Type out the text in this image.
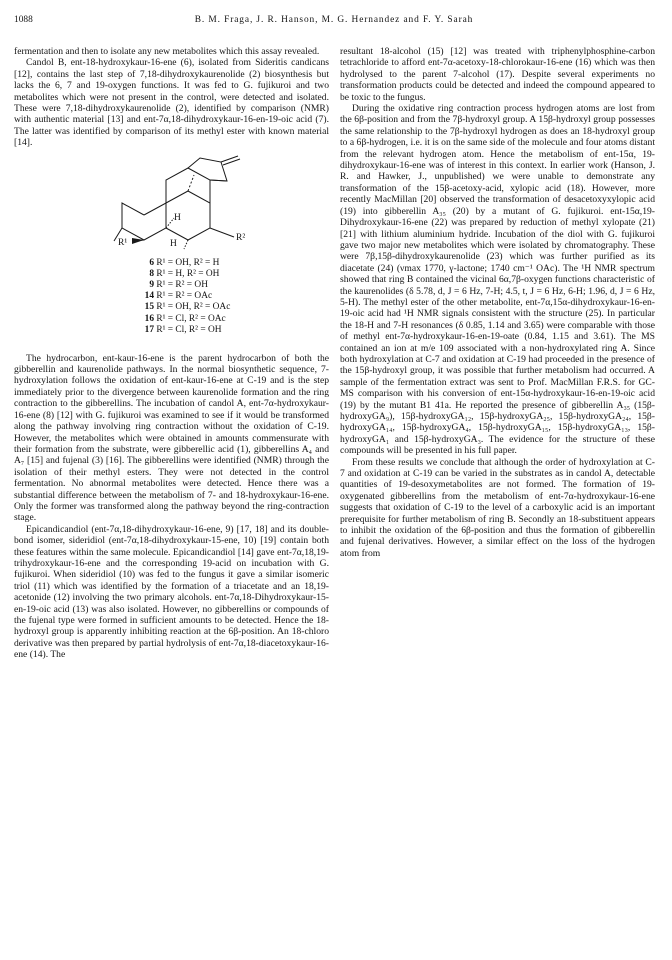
1088	B. M. Fraga, J. R. Hanson, M. G. Hernandez and F. Y. Sarah

fermentation and then to isolate any new metabolites which this assay revealed.

Candol B, ent-18-hydroxykaur-16-ene (6), isolated from Sideritis candicans [12], contains the last step of 7,18-dihydroxykaurenolide (2) biosynthesis but lacks the 6, 7 and 19-oxygen functions. It was fed to G. fujikuroi and two metabolites which were not present in the control, were detected and isolated. These were 7,18-dihydroxykaurenolide (2), identified by comparison (NMR) with authentic material [13] and ent-7α,18-dihydroxykaur-16-en-19-oic acid (7). The latter was identified by comparison of its methyl ester with known material [14].

H
H
R¹	R²
6 R¹ = OH, R² = H
8 R¹ = H, R² = OH
9 R¹ = R² = OH
14 R¹ = R² = OAc
15 R¹ = OH, R² = OAc
16 R¹ = Cl, R² = OAc
17 R¹ = Cl, R² = OH

The hydrocarbon, ent-kaur-16-ene is the parent hydrocarbon of both the gibberellin and kaurenolide pathways. In the normal biosynthetic sequence, 7-hydroxylation follows the oxidation of ent-kaur-16-ene at C-19 and is the step immediately prior to the divergence between kaurenolide formation and the ring contraction to the gibberellins. The incubation of candol A, ent-7α-hydroxykaur-16-ene (8) [12] with G. fujikuroi was examined to see if it would be transformed along the pathway involving ring contraction without the oxidation of C-19. However, the metabolites which were obtained in amounts commensurate with their formation from the substrate, were gibberellic acid (1), gibberellins A₄ and A₇ [15] and fujenal (3) [16]. The gibberellins were identified (NMR) through the isolation of their methyl esters. They were not detected in the control fermentation. No abnormal metabolites were detected. Hence there was a substantial difference between the metabolism of 7- and 18-hydroxykaur-16-ene. Only the former was transformed along the pathway beyond the ring-contraction stage.

Epicandicandiol (ent-7α,18-dihydroxykaur-16-ene, 9) [17, 18] and its double-bond isomer, sideridiol (ent-7α,18-dihydroxykaur-15-ene, 10) [19] contain both these features within the same molecule. Epicandicandiol [14] gave ent-7α,18,19-trihydroxykaur-16-ene and the corresponding 19-acid on incubation with G. fujikuroi. When sideridiol (10) was fed to the fungus it gave a similar isomeric triol (11) which was identified by the formation of a triacetate and an 18,19-acetonide (12) involving the two primary alcohols. ent-7α,18-Dihydroxykaur-15-en-19-oic acid (13) was also isolated. However, no gibberellins or compounds of the fujenal type were formed in sufficient amounts to be detected. Hence the 18-hydroxyl group is apparently inhibiting reaction at the 6β-position. An 18-chloro derivative was then prepared by partial hydrolysis of ent-7α,18-diacetoxykaur-16-ene (14). The

resultant 18-alcohol (15) [12] was treated with triphenylphosphine-carbon tetrachloride to afford ent-7α-acetoxy-18-chlorokaur-16-ene (16) which was then hydrolysed to the parent 7-alcohol (17). Despite several experiments no transformation products could be detected and indeed the compound appeared to be toxic to the fungus.

During the oxidative ring contraction process hydrogen atoms are lost from the 6β-position and from the 7β-hydroxyl group. A 15β-hydroxyl group possesses the same relationship to the 7β-hydroxyl hydrogen as does an 18-hydroxyl group to a 6β-hydrogen, i.e. it is on the same side of the molecule and four atoms distant from the relevant hydrogen atom. Hence the metabolism of ent-15α, 19-dihydroxykaur-16-ene was of interest in this context. In earlier work (Hanson, J. R. and Hawker, J., unpublished) we were unable to demonstrate any transformation of the 15β-acetoxy-acid, xylopic acid (18). However, more recently MacMillan [20] observed the transformation of desacetoxyxylopic acid (19) into gibberellin A₃₅ (20) by a mutant of G. fujikuroi. ent-15α,19-Dihydroxykaur-16-ene (22) was prepared by reduction of methyl xylopate (21) [21] with lithium aluminium hydride. Incubation of the diol with G. fujikuroi gave two major new metabolites which were isolated by chromatography. These were 7β,15β-dihydroxykaurenolide (23) which was further purified as its diacetate (24) (νmax 1770, γ-lactone; 1740 cm⁻¹ OAc). The ¹H NMR spectrum showed that ring B contained the vicinal 6α,7β-oxygen functions characteristic of the kaurenolides (δ 5.78, d, J = 6 Hz, 7-H; 4.5, t, J = 6 Hz, 6-H; 1.96, d, J = 6 Hz, 5-H). The methyl ester of the other metabolite, ent-7α,15α-dihydroxykaur-16-en-19-oic acid had ¹H NMR signals consistent with the structure (25). In particular the 18-H and 7-H resonances (δ 0.85, 1.14 and 3.65) were comparable with those of methyl ent-7α-hydroxykaur-16-en-19-oate (0.84, 1.15 and 3.61). The MS contained an ion at m/e 109 associated with a non-hydroxylated ring A. Since both hydroxylation at C-7 and oxidation at C-19 had proceeded in the presence of the 15β-hydroxyl group, it was possible that further metabolism had occurred. A sample of the fermentation extract was sent to Prof. MacMillan F.R.S. for GC-MS comparison with his conversion of ent-15α-hydroxykaur-16-en-19-oic acid (19) by the mutant B1 41a. He reported the presence of gibberellin A₃₅ (15β-hydroxyGA₉), 15β-hydroxyGA₁₂, 15β-hydroxyGA₂₅, 15β-hydroxyGA₂₄, 15β-hydroxyGA₁₄, 15β-hydroxyGA₄, 15β-hydroxyGA₁₅, 15β-hydroxyGA₁₃, 15β-hydroxyGA₁ and 15β-hydroxyGA₃. The evidence for the structure of these compounds will be presented in his full paper.

From these results we conclude that although the order of hydroxylation at C-7 and oxidation at C-19 can be varied in the substrates as in candol A, detectable quantities of 19-desoxymetabolites are not formed. The formation of 19-oxygenated gibberellins from the metabolism of ent-7α-hydroxykaur-16-ene suggests that oxidation of C-19 to the level of a carboxylic acid is an important prerequisite for further metabolism of ring B. Secondly an 18-substituent appears to inhibit the oxidation of the 6β-position and thus the formation of gibberellin and fujenal derivatives. However, a similar effect on the loss of the hydrogen atom from
